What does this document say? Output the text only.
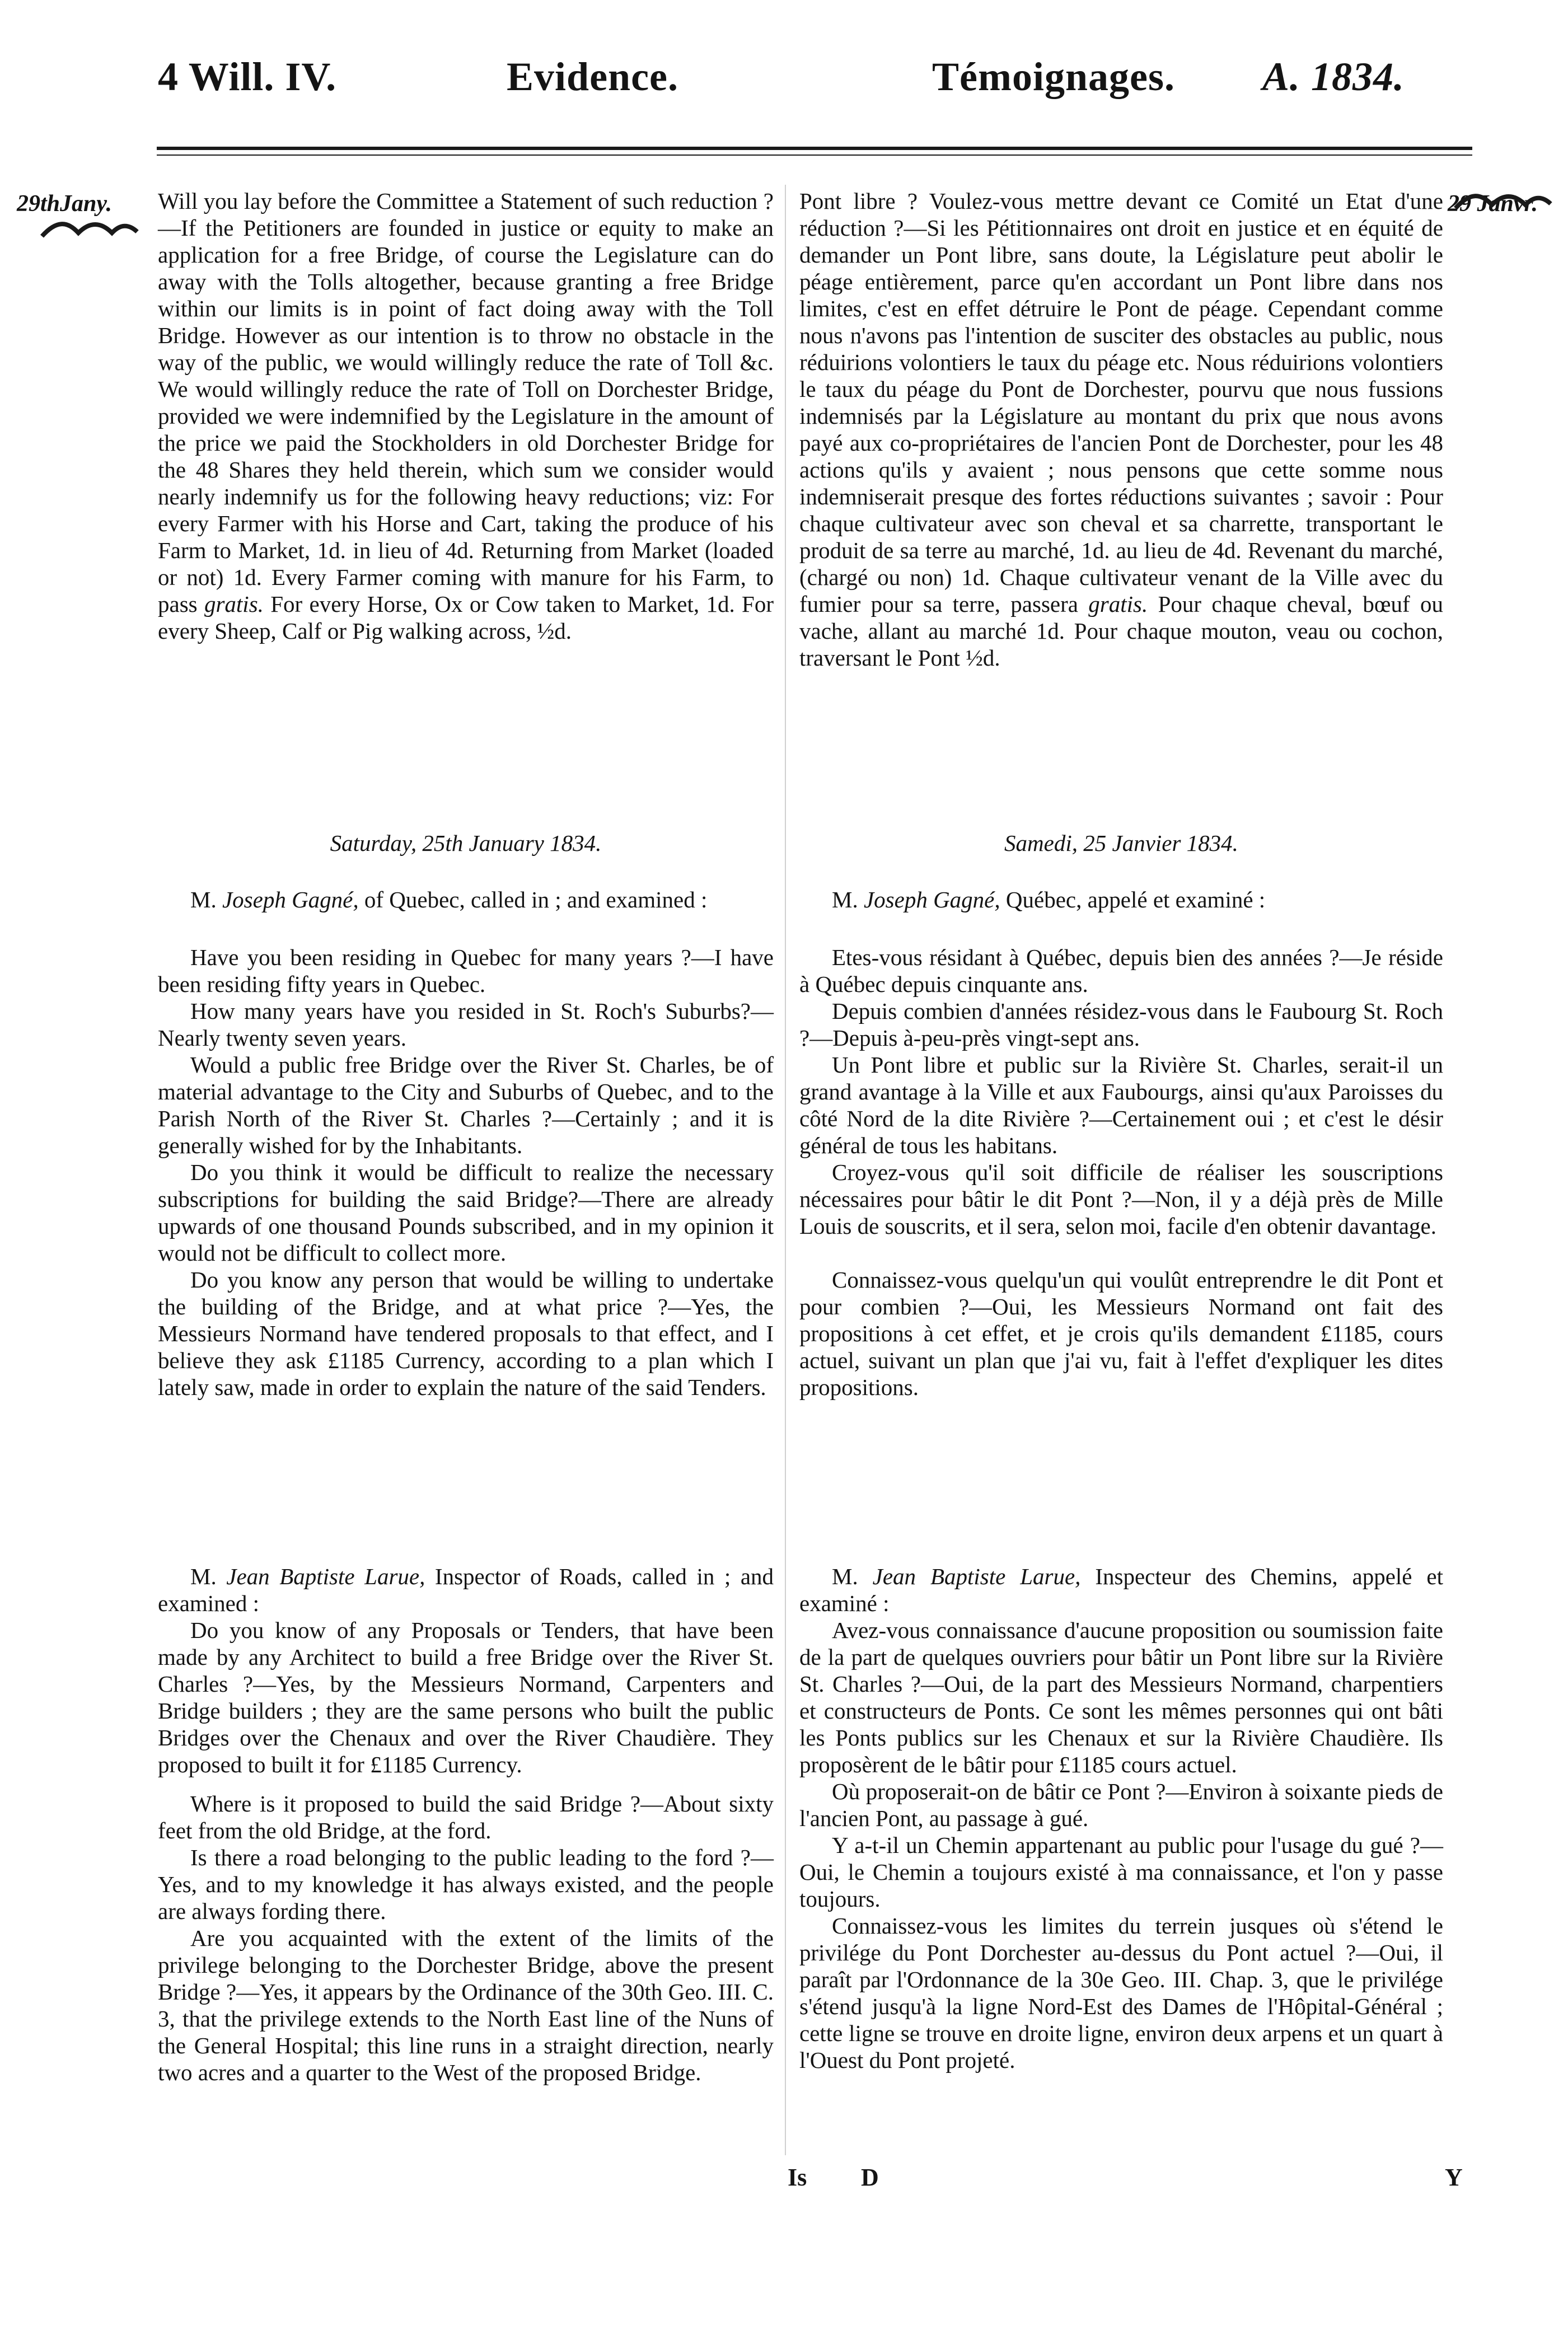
4 Will. IV.	Evidence.	Témoignages. A. 1834.
29thJany.	29 Janvr.

Will you lay before the Committee a Statement of such reduction ?—If the Petitioners are founded in justice or equity to make an application for a free Bridge, of course the Legislature can do away with the Tolls altogether, because granting a free Bridge within our limits is in point of fact doing away with the Toll Bridge. However as our intention is to throw no obstacle in the way of the public, we would willingly reduce the rate of Toll &c. We would willingly reduce the rate of Toll on Dorchester Bridge, provided we were indemnified by the Legislature in the amount of the price we paid the Stockholders in old Dorchester Bridge for the 48 Shares they held therein, which sum we consider would nearly indemnify us for the following heavy reductions; viz: For every Farmer with his Horse and Cart, taking the produce of his Farm to Market, 1d. in lieu of 4d. Returning from Market (loaded or not) 1d. Every Farmer coming with manure for his Farm, to pass gratis. For every Horse, Ox or Cow taken to Market, 1d. For every Sheep, Calf or Pig walking across, ½d.

Saturday, 25th January 1834.

M. Joseph Gagné, of Quebec, called in ; and examined :

Have you been residing in Quebec for many years ?—I have been residing fifty years in Quebec.

How many years have you resided in St. Roch's Suburbs?—Nearly twenty seven years.

Would a public free Bridge over the River St. Charles, be of material advantage to the City and Suburbs of Quebec, and to the Parish North of the River St. Charles ?—Certainly ; and it is generally wished for by the Inhabitants.

Do you think it would be difficult to realize the necessary subscriptions for building the said Bridge?—There are already upwards of one thousand Pounds subscribed, and in my opinion it would not be difficult to collect more.

Do you know any person that would be willing to undertake the building of the Bridge, and at what price ?—Yes, the Messieurs Normand have tendered proposals to that effect, and I believe they ask £1185 Currency, according to a plan which I lately saw, made in order to explain the nature of the said Tenders.

M. Jean Baptiste Larue, Inspector of Roads, called in ; and examined :

Do you know of any Proposals or Tenders, that have been made by any Architect to build a free Bridge over the River St. Charles ?—Yes, by the Messieurs Normand, Carpenters and Bridge builders ; they are the same persons who built the public Bridges over the Chenaux and over the River Chaudière. They proposed to built it for £1185 Currency.

Where is it proposed to build the said Bridge ?—About sixty feet from the old Bridge, at the ford.

Is there a road belonging to the public leading to the ford ?—Yes, and to my knowledge it has always existed, and the people are always fording there.

Are you acquainted with the extent of the limits of the privilege belonging to the Dorchester Bridge, above the present Bridge ?—Yes, it appears by the Ordinance of the 30th Geo. III. C. 3, that the privilege extends to the North East line of the Nuns of the General Hospital; this line runs in a straight direction, nearly two acres and a quarter to the West of the proposed Bridge.

Pont libre ? Voulez-vous mettre devant ce Comité un Etat d'une réduction ?—Si les Pétitionnaires ont droit en justice et en équité de demander un Pont libre, sans doute, la Législature peut abolir le péage entièrement, parce qu'en accordant un Pont libre dans nos limites, c'est en effet détruire le Pont de péage. Cependant comme nous n'avons pas l'intention de susciter des obstacles au public, nous réduirions volontiers le taux du péage etc. Nous réduirions volontiers le taux du péage du Pont de Dorchester, pourvu que nous fussions indemnisés par la Législature au montant du prix que nous avons payé aux co-propriétaires de l'ancien Pont de Dorchester, pour les 48 actions qu'ils y avaient ; nous pensons que cette somme nous indemniserait presque des fortes réductions suivantes ; savoir : Pour chaque cultivateur avec son cheval et sa charrette, transportant le produit de sa terre au marché, 1d. au lieu de 4d. Revenant du marché, (chargé ou non) 1d. Chaque cultivateur venant de la Ville avec du fumier pour sa terre, passera gratis. Pour chaque cheval, bœuf ou vache, allant au marché 1d. Pour chaque mouton, veau ou cochon, traversant le Pont ½d.

Samedi, 25 Janvier 1834.

M. Joseph Gagné, Québec, appelé et examiné :

Etes-vous résidant à Québec, depuis bien des années ?—Je réside à Québec depuis cinquante ans.

Depuis combien d'années résidez-vous dans le Faubourg St. Roch ?—Depuis à-peu-près vingt-sept ans.

Un Pont libre et public sur la Rivière St. Charles, serait-il un grand avantage à la Ville et aux Faubourgs, ainsi qu'aux Paroisses du côté Nord de la dite Rivière ?—Certainement oui ; et c'est le désir général de tous les habitans.

Croyez-vous qu'il soit difficile de réaliser les souscriptions nécessaires pour bâtir le dit Pont ?—Non, il y a déjà près de Mille Louis de souscrits, et il sera, selon moi, facile d'en obtenir davantage.

Connaissez-vous quelqu'un qui voulût entreprendre le dit Pont et pour combien ?—Oui, les Messieurs Normand ont fait des propositions à cet effet, et je crois qu'ils demandent £1185, cours actuel, suivant un plan que j'ai vu, fait à l'effet d'expliquer les dites propositions.

M. Jean Baptiste Larue, Inspecteur des Chemins, appelé et examiné :

Avez-vous connaissance d'aucune proposition ou soumission faite de la part de quelques ouvriers pour bâtir un Pont libre sur la Rivière St. Charles ?—Oui, de la part des Messieurs Normand, charpentiers et constructeurs de Ponts. Ce sont les mêmes personnes qui ont bâti les Ponts publics sur les Chenaux et sur la Rivière Chaudière. Ils proposèrent de le bâtir pour £1185 cours actuel.

Où proposerait-on de bâtir ce Pont ?—Environ à soixante pieds de l'ancien Pont, au passage à gué.

Y a-t-il un Chemin appartenant au public pour l'usage du gué ?—Oui, le Chemin a toujours existé à ma connaissance, et l'on y passe toujours.

Connaissez-vous les limites du terrein jusques où s'étend le privilége du Pont Dorchester au-dessus du Pont actuel ?—Oui, il paraît par l'Ordonnance de la 30e Geo. III. Chap. 3, que le privilége s'étend jusqu'à la ligne Nord-Est des Dames de l'Hôpital-Général ; cette ligne se trouve en droite ligne, environ deux arpens et un quart à l'Ouest du Pont projeté.

Is D	Y
